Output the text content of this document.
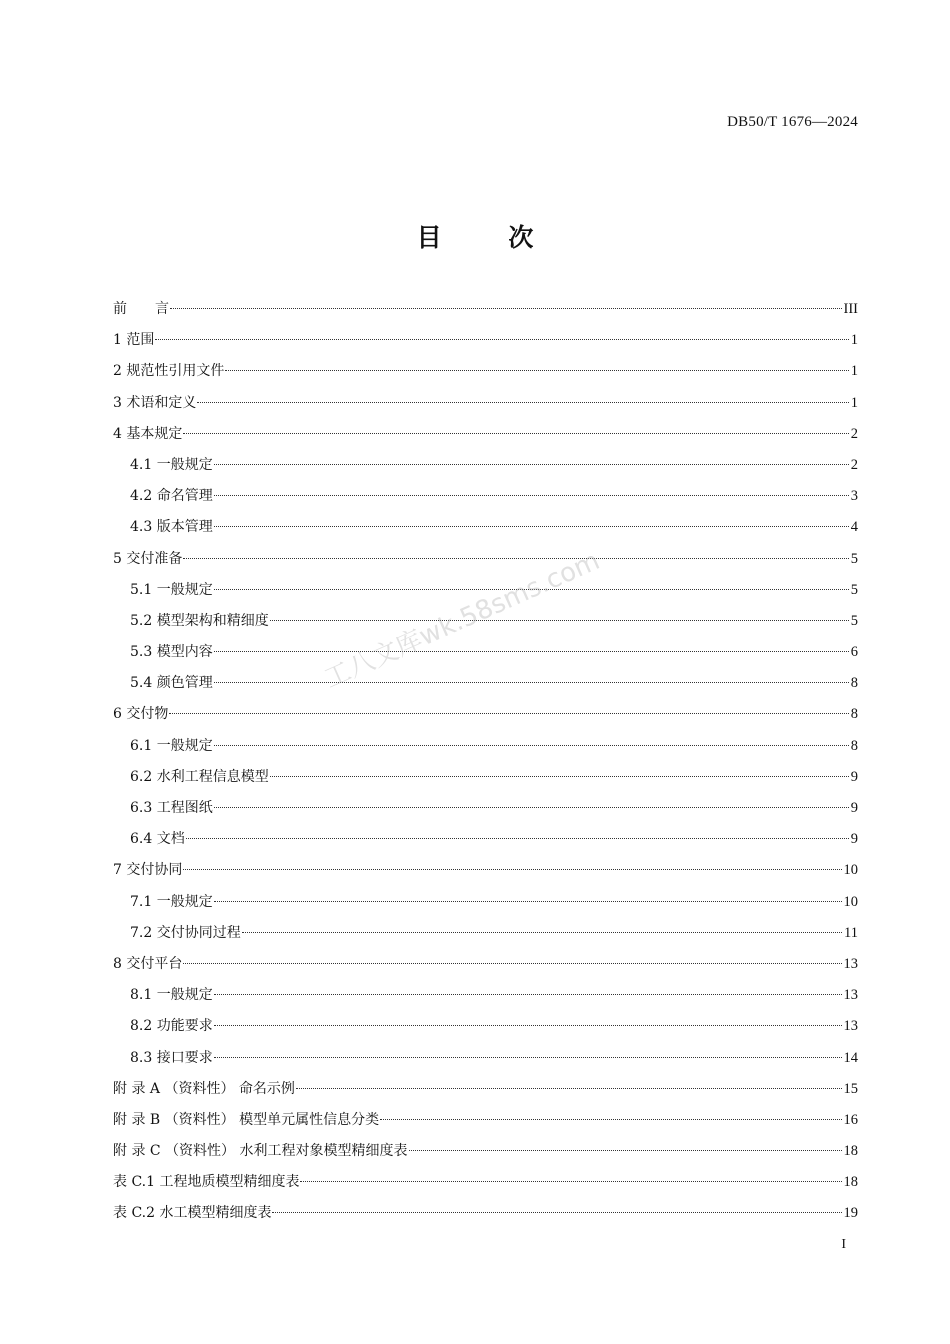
DB50/T 1676—2024
目 次
前　　言	III
1 范围	1
2 规范性引用文件	1
3 术语和定义	1
4 基本规定	2
4.1 一般规定	2
4.2 命名管理	3
4.3 版本管理	4
5 交付准备	5
5.1 一般规定	5
5.2 模型架构和精细度	5
5.3 模型内容	6
5.4 颜色管理	8
6 交付物	8
6.1 一般规定	8
6.2 水利工程信息模型	9
6.3 工程图纸	9
6.4 文档	9
7 交付协同	10
7.1 一般规定	10
7.2 交付协同过程	11
8 交付平台	13
8.1 一般规定	13
8.2 功能要求	13
8.3 接口要求	14
附 录 A （资料性） 命名示例	15
附 录 B （资料性） 模型单元属性信息分类	16
附 录 C （资料性） 水利工程对象模型精细度表	18
表 C.1 工程地质模型精细度表	18
表 C.2 水工模型精细度表	19
工八文库wk.58sms.com
I
